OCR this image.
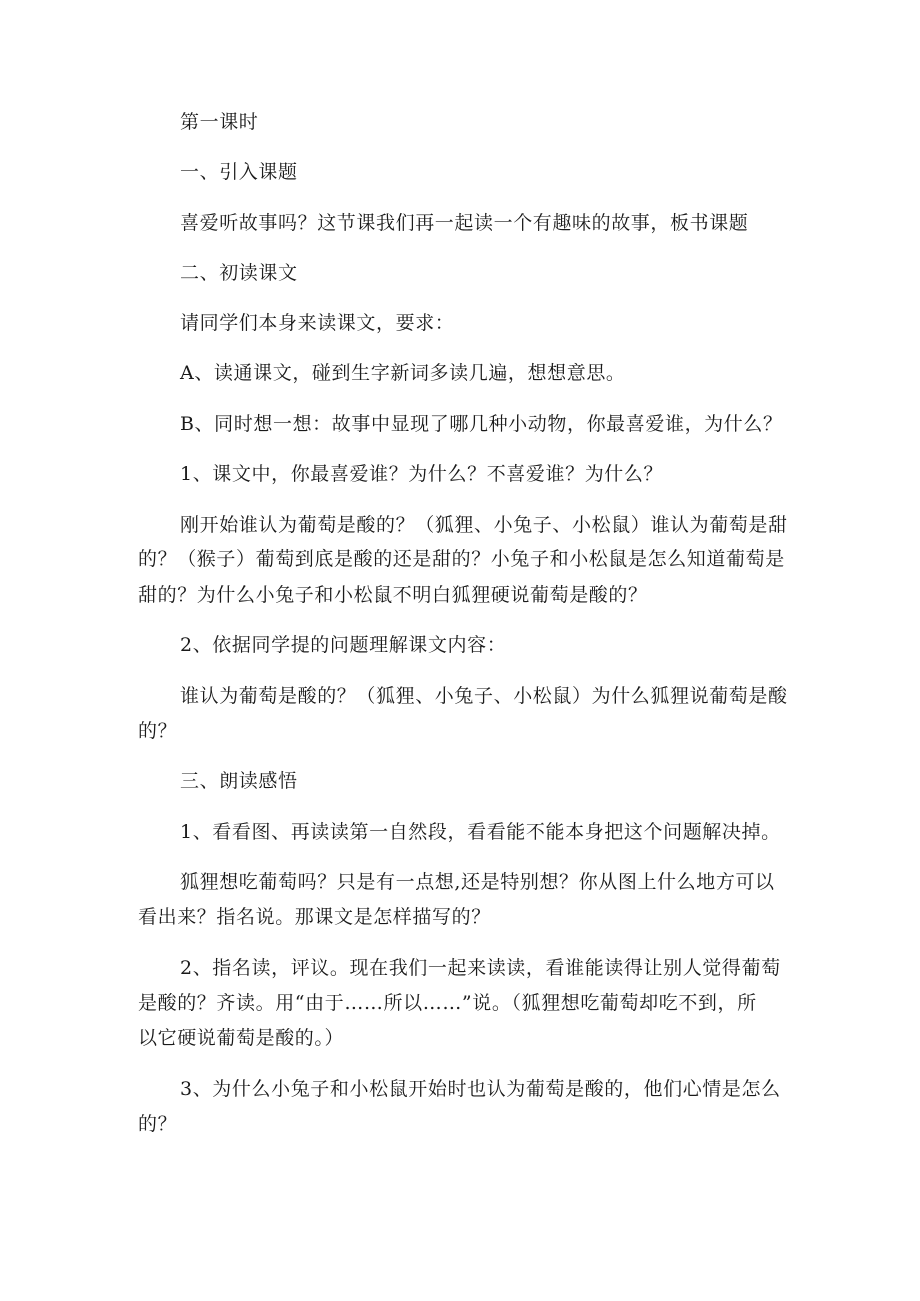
第一课时
一、引入课题
喜爱听故事吗？这节课我们再一起读一个有趣味的故事，板书课题
二、初读课文
请同学们本身来读课文，要求：
A、读通课文，碰到生字新词多读几遍，想想意思。
B、同时想一想：故事中显现了哪几种小动物，你最喜爱谁，为什么？
1、课文中，你最喜爱谁？为什么？不喜爱谁？为什么？
刚开始谁认为葡萄是酸的？（狐狸、小兔子、小松鼠）谁认为葡萄是甜
的？（猴子）葡萄到底是酸的还是甜的？小兔子和小松鼠是怎么知道葡萄是
甜的？为什么小兔子和小松鼠不明白狐狸硬说葡萄是酸的？
2、依据同学提的问题理解课文内容：
谁认为葡萄是酸的？（狐狸、小兔子、小松鼠）为什么狐狸说葡萄是酸
的？
三、朗读感悟
1、看看图、再读读第一自然段，看看能不能本身把这个问题解决掉。
狐狸想吃葡萄吗？只是有一点想,还是特别想？你从图上什么地方可以
看出来？指名说。那课文是怎样描写的？
2、指名读，评议。现在我们一起来读读，看谁能读得让别人觉得葡萄
是酸的？齐读。用“由于……所以……”说。（狐狸想吃葡萄却吃不到，所
以它硬说葡萄是酸的。）
3、为什么小兔子和小松鼠开始时也认为葡萄是酸的，他们心情是怎么
的？
